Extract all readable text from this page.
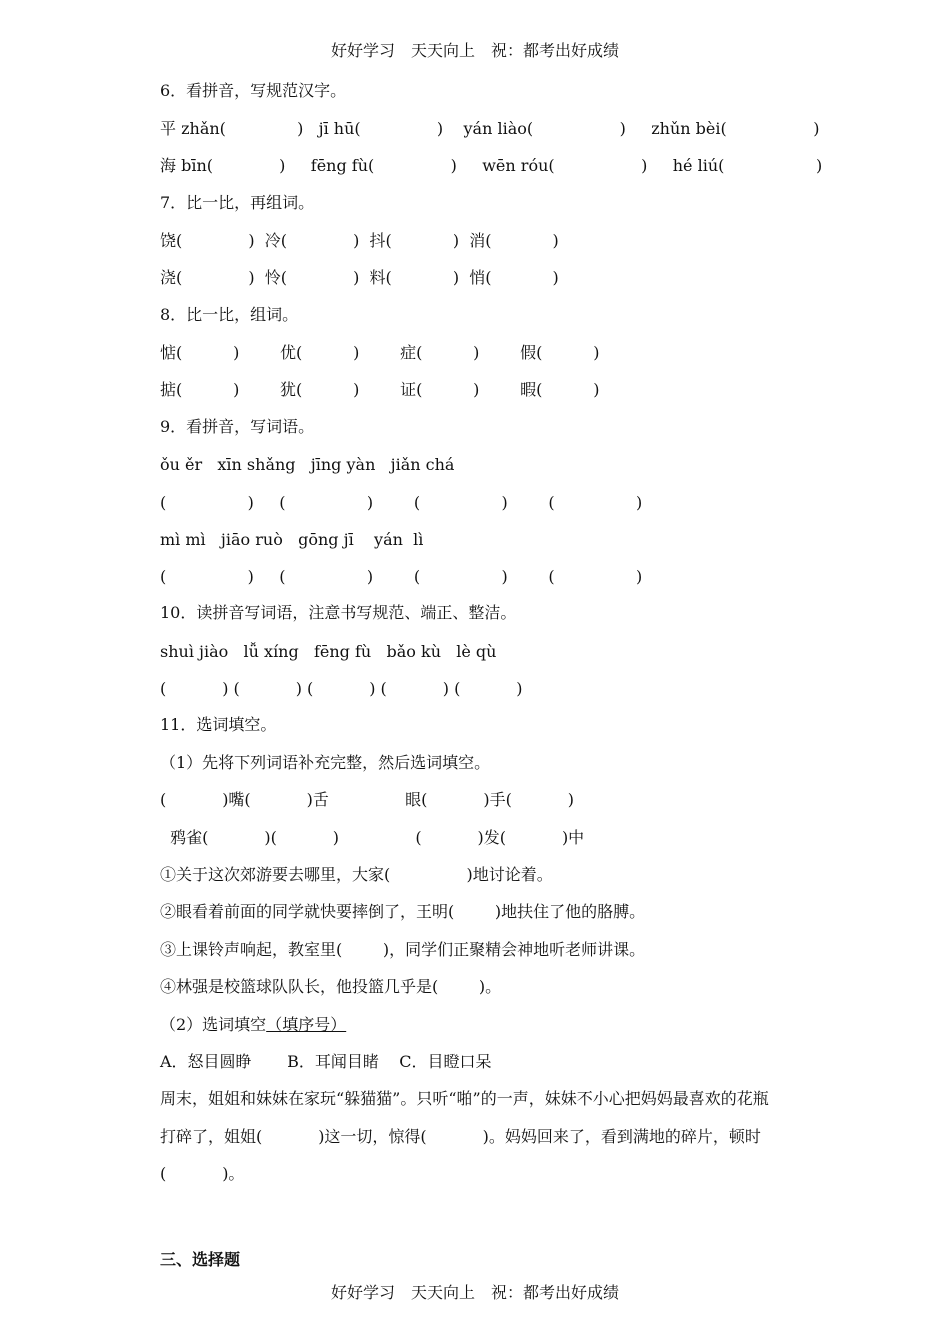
好好学习　天天向上　祝：都考出好成绩
6．看拼音，写规范汉字。
平 zhǎn(              )   jī hū(               )    yán liào(                 )     zhǔn bèi(                 )
海 bīn(             )     fēng fù(               )     wēn róu(                 )     hé liú(                  )
7．比一比，再组词。
饶(             )  冷(             )  抖(            )  消(            )
浇(             )  怜(             )  料(            )  悄(            )
8．比一比，组词。
惦(          )        优(          )        症(          )        假(          )
掂(          )        犹(          )        证(          )        暇(          )
9．看拼音，写词语。
ǒu ěr   xīn shǎng   jīng yàn   jiǎn chá
(                )     (                )        (                )        (                )
mì mì   jiāo ruò   gōng jī    yán  lì
(                )     (                )        (                )        (                )
10．读拼音写词语，注意书写规范、端正、整洁。
shuì jiào   lǚ xíng   fēng fù   bǎo kù   lè qù
(           ) (           ) (           ) (           ) (           )
11．选词填空。
（1）先将下列词语补充完整，然后选词填空。
(           )嘴(           )舌               眼(           )手(           )
鸦雀(           )(           )               (           )发(           )中
①关于这次郊游要去哪里，大家(               )地讨论着。
②眼看着前面的同学就快要摔倒了，王明(        )地扶住了他的胳膊。
③上课铃声响起，教室里(        )，同学们正聚精会神地听老师讲课。
④林强是校篮球队队长，他投篮几乎是(        )。
（2）选词填空（填序号）
A．怒目圆睁       B．耳闻目睹    C．目瞪口呆
周末，姐姐和妹妹在家玩“躲猫猫”。只听“啪”的一声，妹妹不小心把妈妈最喜欢的花瓶
打碎了，姐姐(           )这一切，惊得(           )。妈妈回来了，看到满地的碎片，顿时
(           )。
三、选择题
好好学习　天天向上　祝：都考出好成绩
